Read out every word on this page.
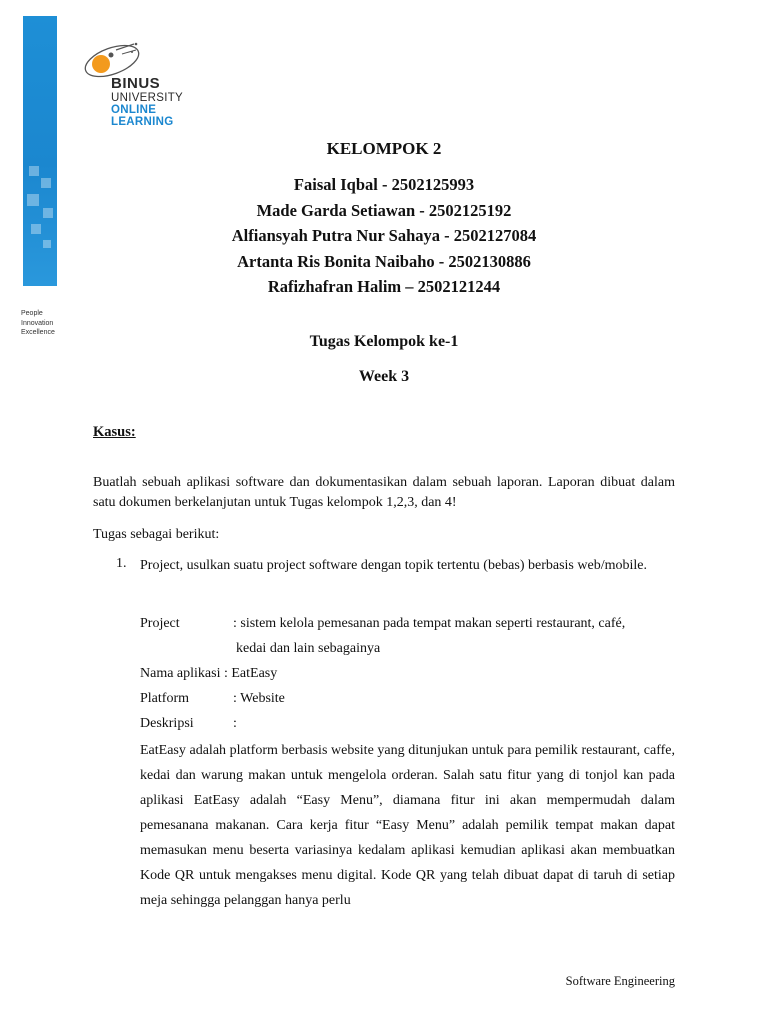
People
Innovation
Excellence
BINUS
UNIVERSITY
ONLINE
LEARNING
KELOMPOK 2
Faisal Iqbal - 2502125993
Made Garda Setiawan - 2502125192
Alfiansyah Putra Nur Sahaya - 2502127084
Artanta Ris Bonita Naibaho - 2502130886
Rafizhafran Halim – 2502121244
Tugas Kelompok ke-1
Week 3
Kasus:
Buatlah sebuah aplikasi software dan dokumentasikan dalam sebuah laporan. Laporan dibuat dalam satu dokumen berkelanjutan untuk Tugas kelompok 1,2,3, dan 4!
Tugas sebagai berikut:
1. Project, usulkan suatu project software dengan topik tertentu (bebas) berbasis web/mobile.
Project	: sistem kelola pemesanan pada tempat makan seperti restaurant, café,
kedai dan lain sebagainya
Nama aplikasi : EatEasy
Platform	: Website
Deskripsi	:
EatEasy adalah platform berbasis website yang ditunjukan untuk para pemilik restaurant, caffe, kedai dan warung makan untuk mengelola orderan. Salah satu fitur yang di tonjol kan pada aplikasi EatEasy adalah “Easy Menu”, diamana fitur ini akan mempermudah dalam pemesanana makanan. Cara kerja fitur “Easy Menu” adalah pemilik tempat makan dapat memasukan menu beserta variasinya kedalam aplikasi kemudian aplikasi akan membuatkan Kode QR untuk mengakses menu digital. Kode QR yang telah dibuat dapat di taruh di setiap meja sehingga pelanggan hanya perlu
Software Engineering
